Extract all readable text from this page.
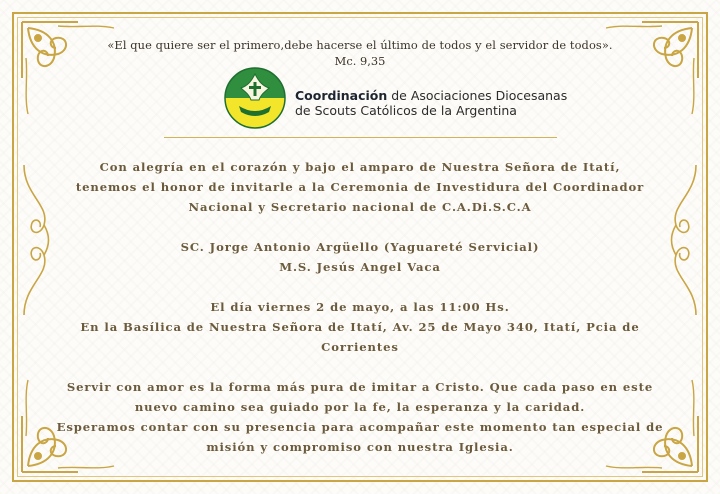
«El que quiere ser el primero,debe hacerse el último de todos y el servidor de todos».
Mc. 9,35
Coordinación de Asociaciones Diocesanas
de Scouts Católicos de la Argentina
Con alegría en el corazón y bajo el amparo de Nuestra Señora de Itatí,
tenemos el honor de invitarle a la Ceremonia de Investidura del Coordinador
Nacional y Secretario nacional de C.A.Di.S.C.A
SC. Jorge Antonio Argüello (Yaguareté Servicial)
M.S. Jesús Angel Vaca
El día viernes 2 de mayo, a las 11:00 Hs.
En la Basílica de Nuestra Señora de Itatí, Av. 25 de Mayo 340, Itatí, Pcia de
Corrientes
Servir con amor es la forma más pura de imitar a Cristo. Que cada paso en este
nuevo camino sea guiado por la fe, la esperanza y la caridad.
Esperamos contar con su presencia para acompañar este momento tan especial de
misión y compromiso con nuestra Iglesia.
